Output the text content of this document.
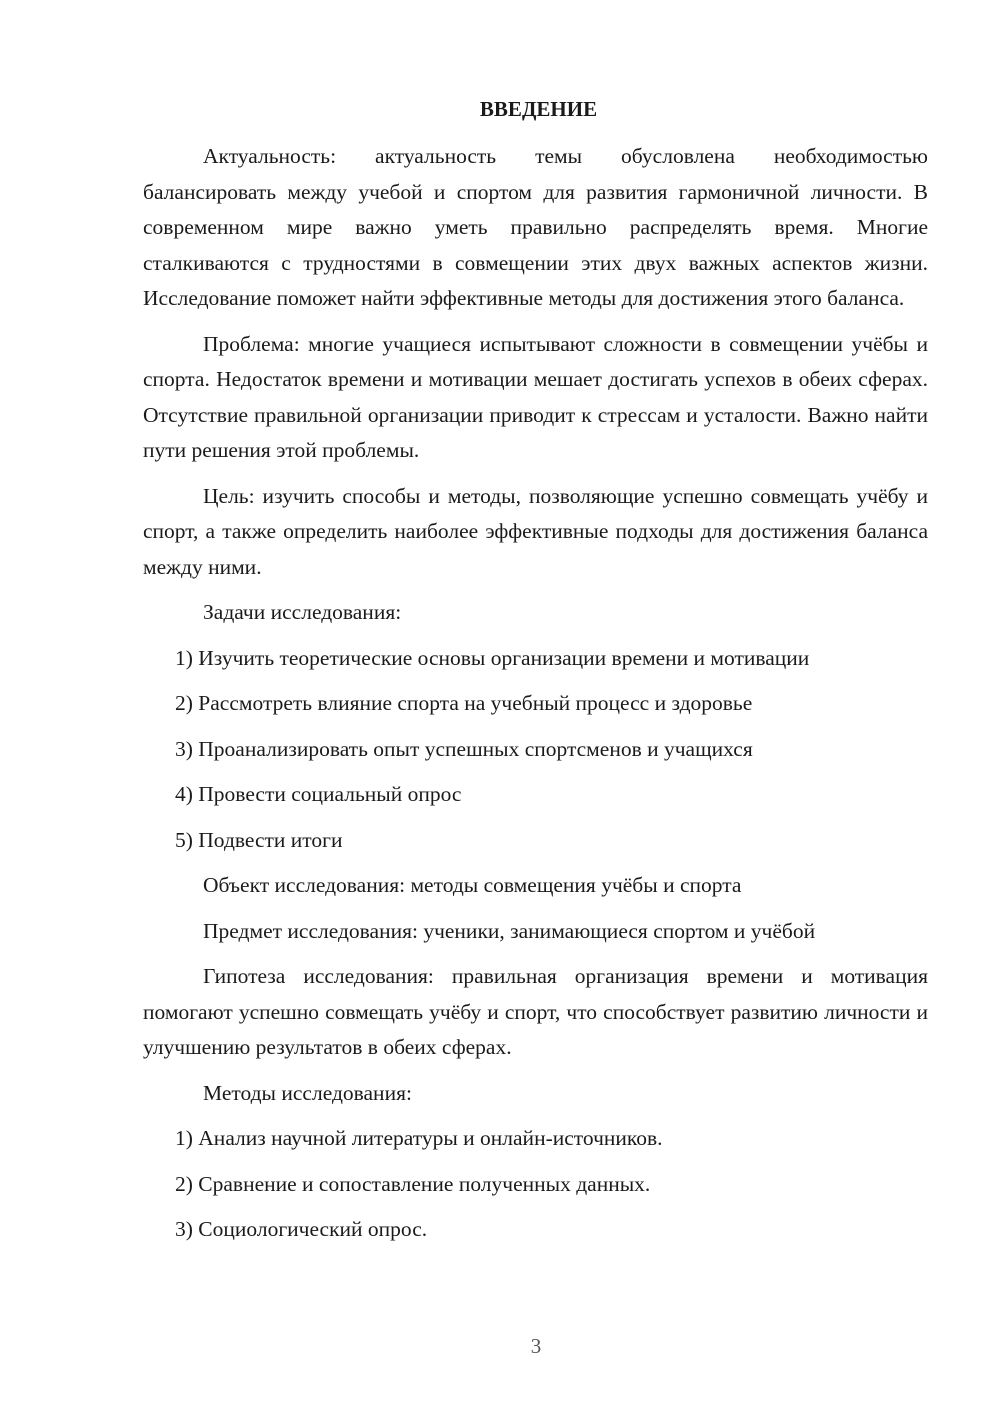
ВВЕДЕНИЕ

Актуальность: актуальность темы обусловлена необходимостью балансировать между учебой и спортом для развития гармоничной личности. В современном мире важно уметь правильно распределять время. Многие сталкиваются с трудностями в совмещении этих двух важных аспектов жизни. Исследование поможет найти эффективные методы для достижения этого баланса.

Проблема: многие учащиеся испытывают сложности в совмещении учёбы и спорта. Недостаток времени и мотивации мешает достигать успехов в обеих сферах. Отсутствие правильной организации приводит к стрессам и усталости. Важно найти пути решения этой проблемы.

Цель: изучить способы и методы, позволяющие успешно совмещать учёбу и спорт, а также определить наиболее эффективные подходы для достижения баланса между ними.

Задачи исследования:

1) Изучить теоретические основы организации времени и мотивации
2) Рассмотреть влияние спорта на учебный процесс и здоровье
3) Проанализировать опыт успешных спортсменов и учащихся
4) Провести социальный опрос
5) Подвести итоги

Объект исследования: методы совмещения учёбы и спорта

Предмет исследования: ученики, занимающиеся спортом и учёбой

Гипотеза исследования: правильная организация времени и мотивация помогают успешно совмещать учёбу и спорт, что способствует развитию личности и улучшению результатов в обеих сферах.

Методы исследования:

1) Анализ научной литературы и онлайн-источников.
2) Сравнение и сопоставление полученных данных.
3) Социологический опрос.
3
